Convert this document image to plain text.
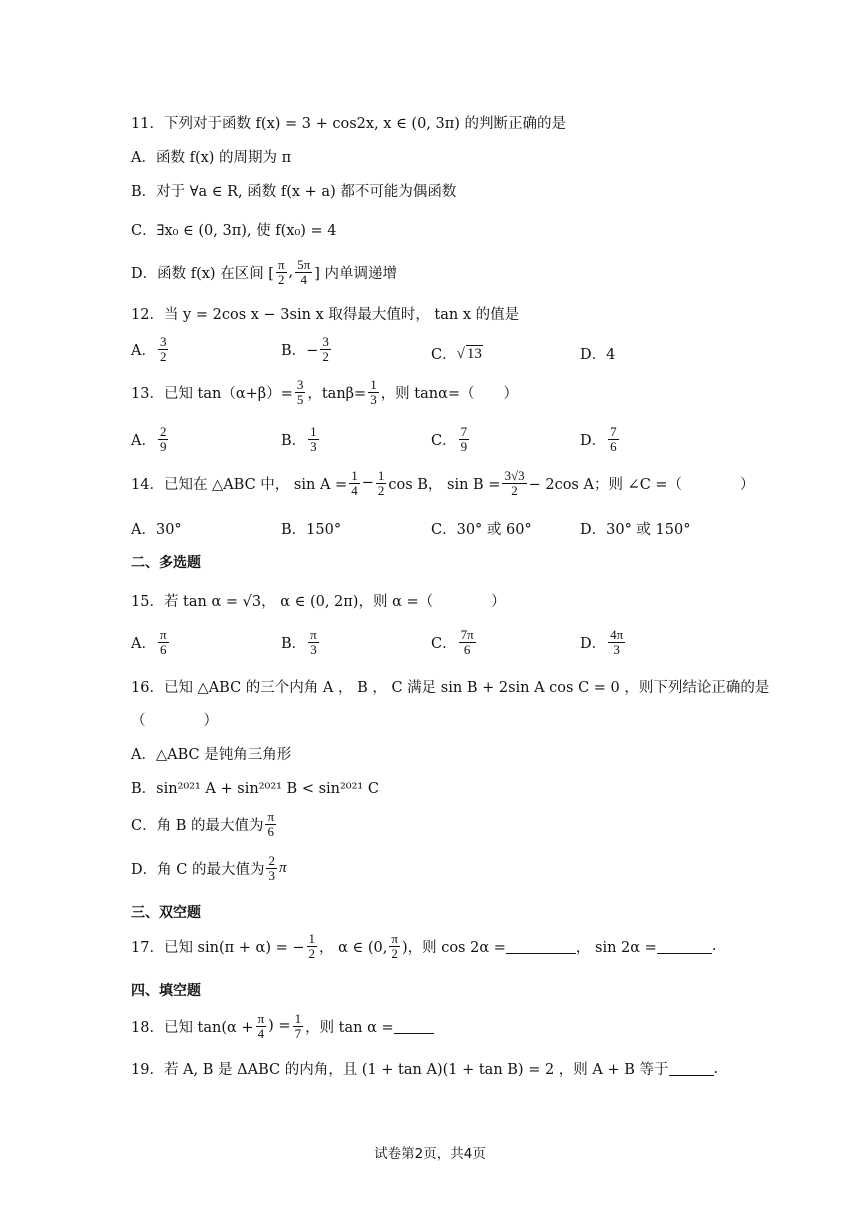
11．下列对于函数 f(x) = 3 + cos2x, x ∈ (0, 3π) 的判断正确的是
A．函数 f(x) 的周期为 π
B．对于 ∀a ∈ R, 函数 f(x + a) 都不可能为偶函数
C．∃x₀ ∈ (0, 3π), 使 f(x₀) = 4
D．函数 f(x) 在区间 [ $\frac{\pi}{2}$ , $\frac{5\pi}{4}$ ] 内单调递增
12．当 y = 2cos x − 3sin x 取得最大值时， tan x 的值是
A． $\frac{3}{2}$	B．− $\frac{3}{2}$	C． √ 13	D．4
13．已知 $\tan(\alpha+\beta)= \frac{3}{5}$ ，$\tan\beta= \frac{1}{3}$ ，则 tanα=（　　）
A． $\frac{2}{9}$	B． $\frac{1}{3}$	C． $\frac{7}{9}$	D． $\frac{7}{6}$
14．已知在 △ABC 中， $\sin A = \frac{1}{4} - \frac{1}{2}$ cos B， $\sin B = \frac{3√3}{2} - 2\cos$ A；则 ∠C =（　　　　）
A．30°	B．150°	C．30° 或 60°	D．30° 或 150°
二、多选题
15．若 tan α = √3， α ∈ (0, 2π)，则 α =（　　　　）
A． $\frac{\pi}{6}$	B． $\frac{\pi}{3}$	C． $\frac{7\pi}{6}$	D． $\frac{4\pi}{3}$
16．已知 △ABC 的三个内角 A ， B ， C 满足 sin B + 2sin A cos C = 0 ，则下列结论正确的是
（　　　　）
A．△ABC 是钝角三角形
B．sin²⁰²¹ A + sin²⁰²¹ B < sin²⁰²¹ C
C．角 B 的最大值为 $\frac{\pi}{6}$
D．角 C 的最大值为 $\frac{2}{3}$ π
三、双空题
17．已知 sin(π + α) = − $\frac{1}{2}$ ， α ∈ (0, $\frac{\pi}{2}$ )，则 cos 2α =	， sin 2α =	.
四、填空题
18．已知 $\tan(\alpha + \frac{\pi}{4}$ ) = $\frac{1}{7}$ ，则 tan α =
19．若 A, B 是 ΔABC 的内角，且 (1 + tan A)(1 + tan B) = 2 ，则 A + B 等于	.
试卷第2页，共4页
